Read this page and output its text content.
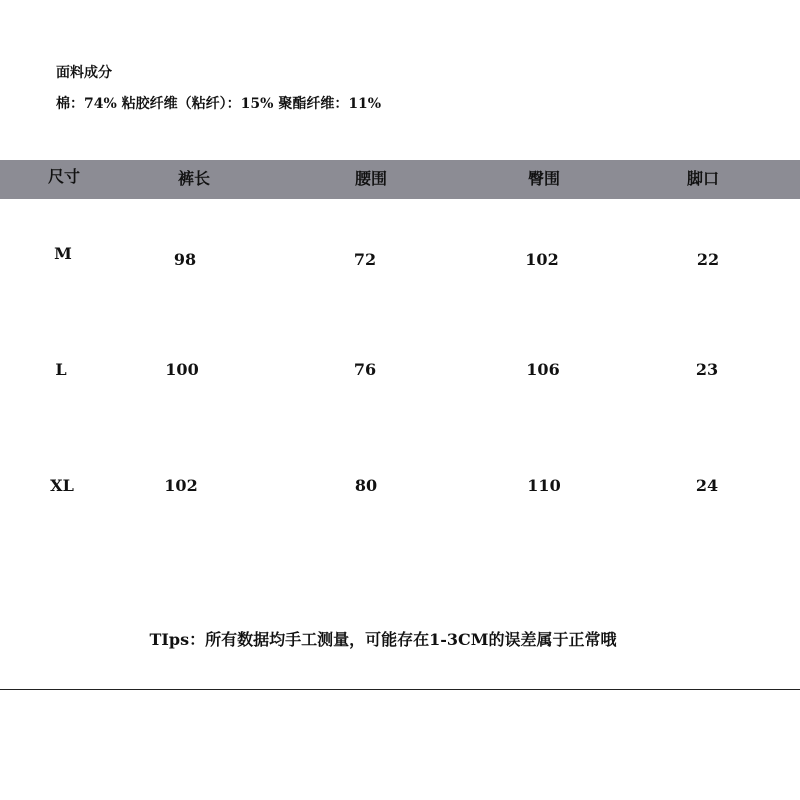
面料成分
棉：74% 粘胶纤维（粘纤）：15% 聚酯纤维：11%
尺寸	裤长	腰围	臀围	脚口
M	98	72	102	22
L	100	76	106	23
XL	102	80	110	24
TIps：所有数据均手工测量，可能存在1-3CM的误差属于正常哦
